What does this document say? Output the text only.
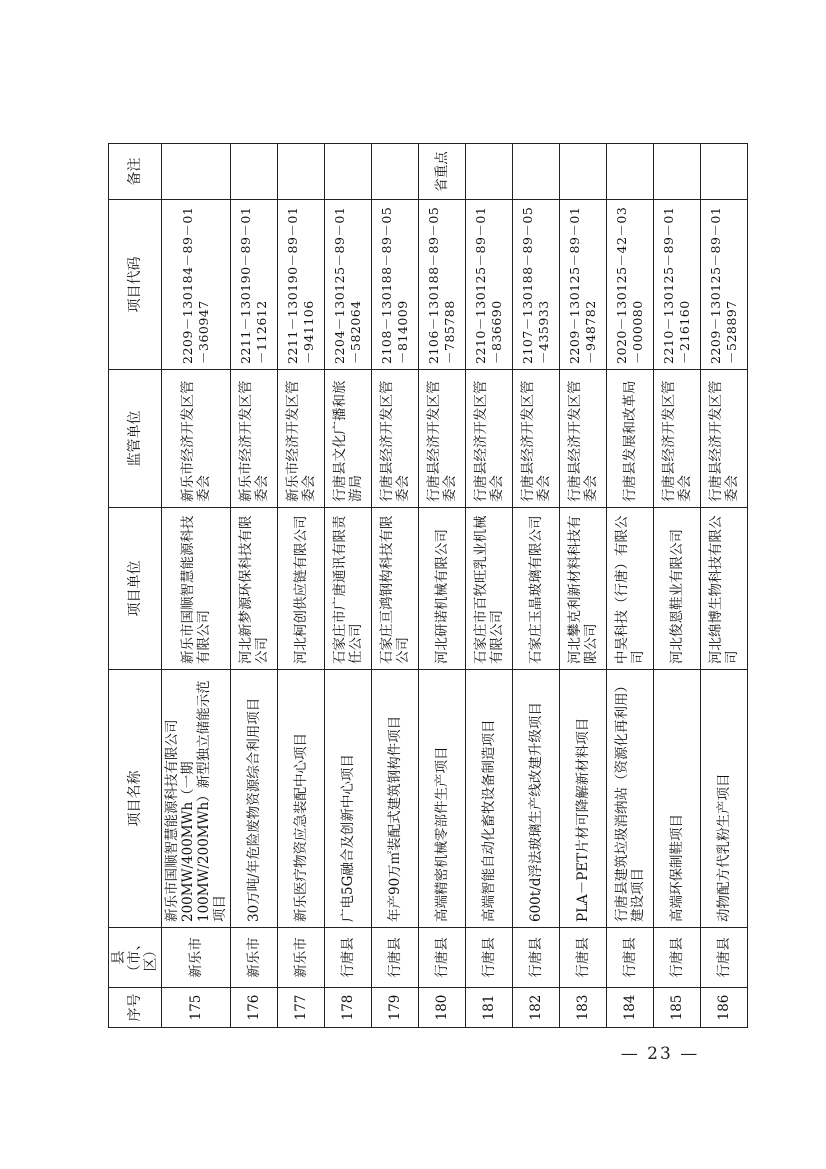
序号	县 （市、区）	项目名称	项目单位	监管单位	项目代码	备注
175	新乐市	新乐市国顺智慧能源科技有限公司200MW/400MWh（一期100MW/200MWh）新型独立储能示范项目	新乐市国顺智慧能源科技有限公司	新乐市经济开发区管委会	2209－130184－89－01－360947	
176	新乐市	30万吨/年危险废物资源综合利用项目	河北新梦源环保科技有限公司	新乐市经济开发区管委会	2211－130190－89－01－112612	
177	新乐市	新乐医疗物资应急装配中心项目	河北柯创供应链有限公司	新乐市经济开发区管委会	2211－130190－89－01－941106	
178	行唐县	广电5G融合及创新中心项目	石家庄市广唐通讯有限责任公司	行唐县文化广播和旅游局	2204－130125－89－01－582064	
179	行唐县	年产90万㎡装配式建筑钢构件项目	石家庄亘鸿钢构科技有限公司	行唐县经济开发区管委会	2108－130188－89－05－814009	
180	行唐县	高端精密机械零部件生产项目	河北研诺机械有限公司	行唐县经济开发区管委会	2106－130188－89－05－785788	省重点
181	行唐县	高端智能自动化畜牧设备制造项目	石家庄市百牧旺乳业机械有限公司	行唐县经济开发区管委会	2210－130125－89－01－836690	
182	行唐县	600t/d浮法玻璃生产线改建升级项目	石家庄玉晶玻璃有限公司	行唐县经济开发区管委会	2107－130188－89－05－435933	
183	行唐县	PLA－PET片材可降解新材料项目	河北攀克利新材料科技有限公司	行唐县经济开发区管委会	2209－130125－89－01－948782	
184	行唐县	行唐县建筑垃圾消纳站（资源化再利用）建设项目	中昊科技（行唐）有限公司	行唐县发展和改革局	2020－130125－42－03－000080	
185	行唐县	高端环保制鞋项目	河北俊恩鞋业有限公司	行唐县经济开发区管委会	2210－130125－89－01－216160	
186	行唐县	动物配方代乳粉生产项目	河北绵博生物科技有限公司	行唐县经济开发区管委会	2209－130125－89－01－528897	
— 23 —
